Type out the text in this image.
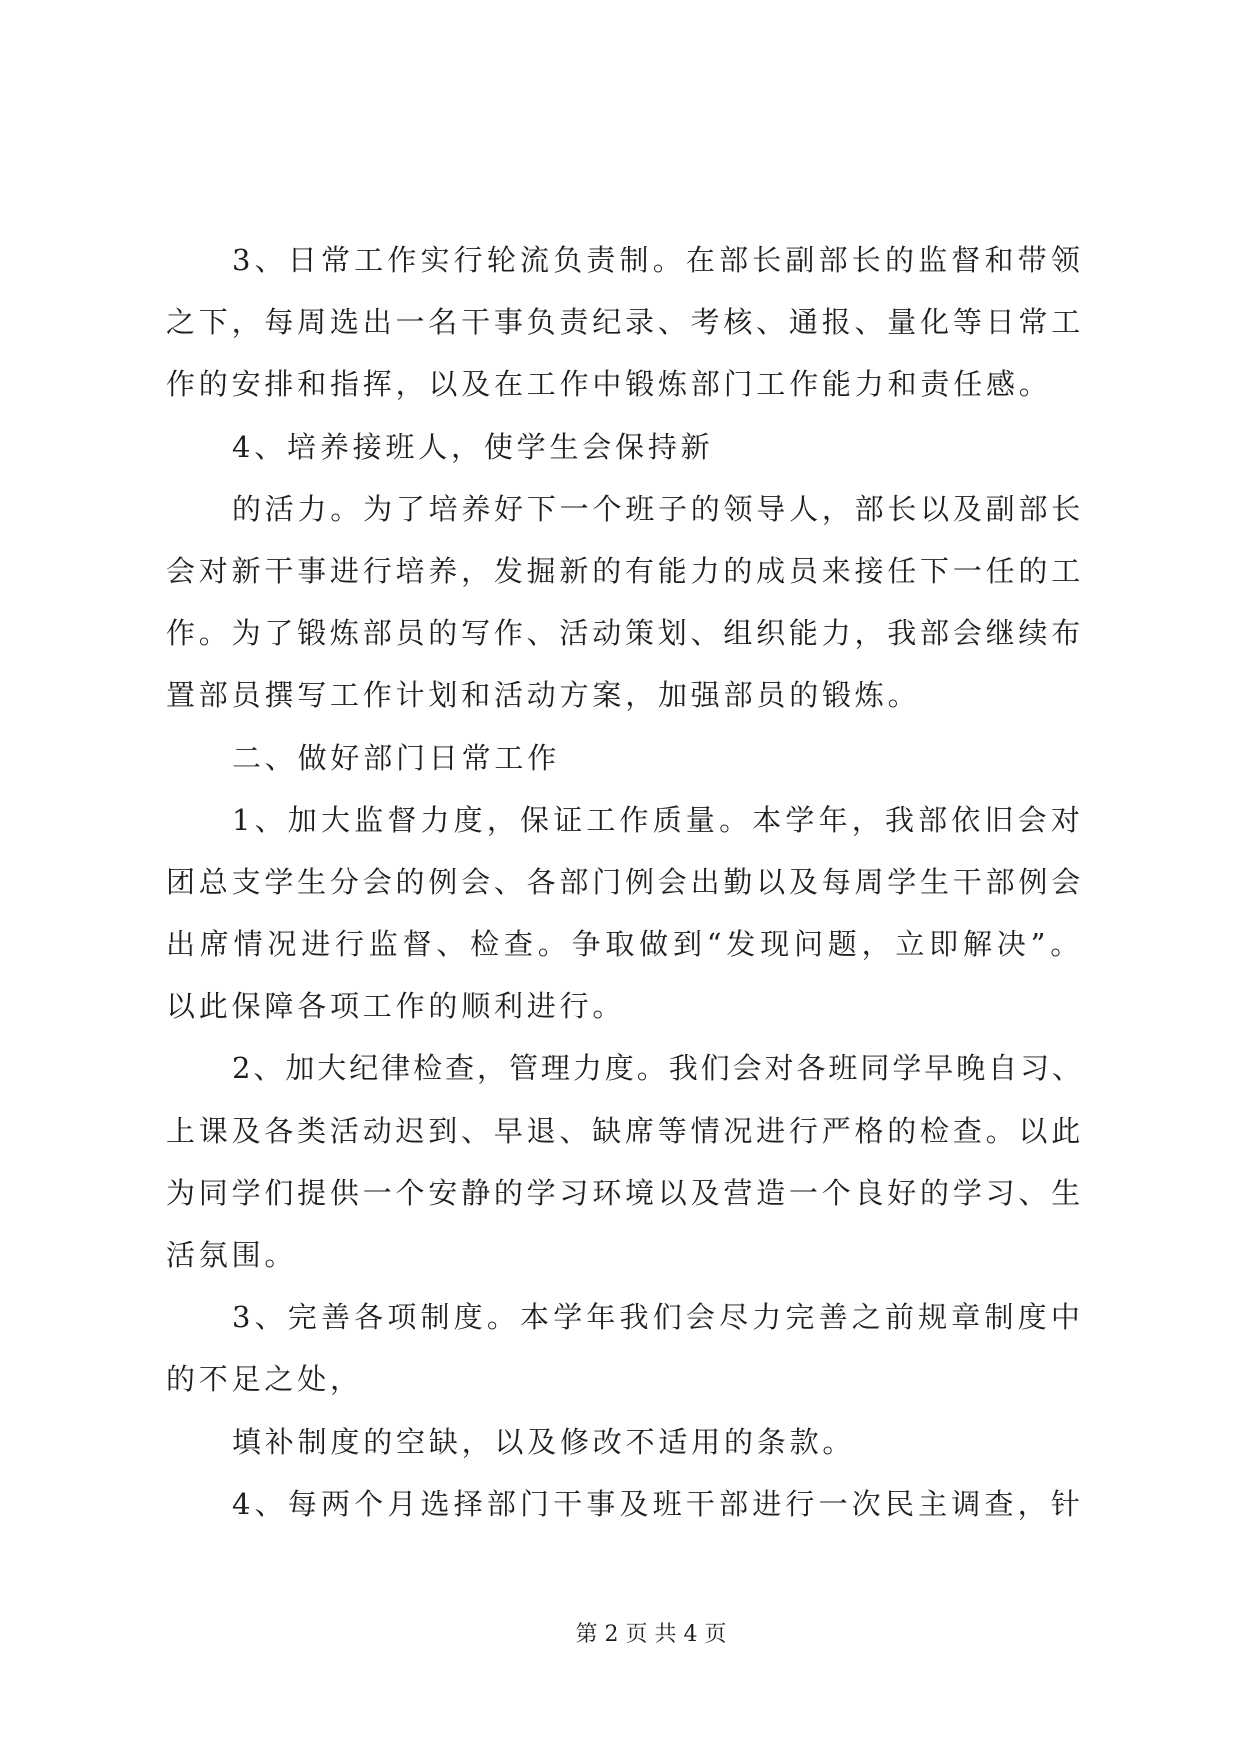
3、日常工作实行轮流负责制。在部长副部长的监督和带领
之下，每周选出一名干事负责纪录、考核、通报、量化等日常工
作的安排和指挥，以及在工作中锻炼部门工作能力和责任感。
4、培养接班人，使学生会保持新
的活力。为了培养好下一个班子的领导人，部长以及副部长
会对新干事进行培养，发掘新的有能力的成员来接任下一任的工
作。为了锻炼部员的写作、活动策划、组织能力，我部会继续布
置部员撰写工作计划和活动方案，加强部员的锻炼。
二、做好部门日常工作
1、加大监督力度，保证工作质量。本学年，我部依旧会对
团总支学生分会的例会、各部门例会出勤以及每周学生干部例会
出席情况进行监督、检查。争取做到“发现问题，立即解决”。
以此保障各项工作的顺利进行。
2、加大纪律检查，管理力度。我们会对各班同学早晚自习、
上课及各类活动迟到、早退、缺席等情况进行严格的检查。以此
为同学们提供一个安静的学习环境以及营造一个良好的学习、生
活氛围。
3、完善各项制度。本学年我们会尽力完善之前规章制度中
的不足之处，
填补制度的空缺，以及修改不适用的条款。
4、每两个月选择部门干事及班干部进行一次民主调查，针
第 2 页 共 4 页
